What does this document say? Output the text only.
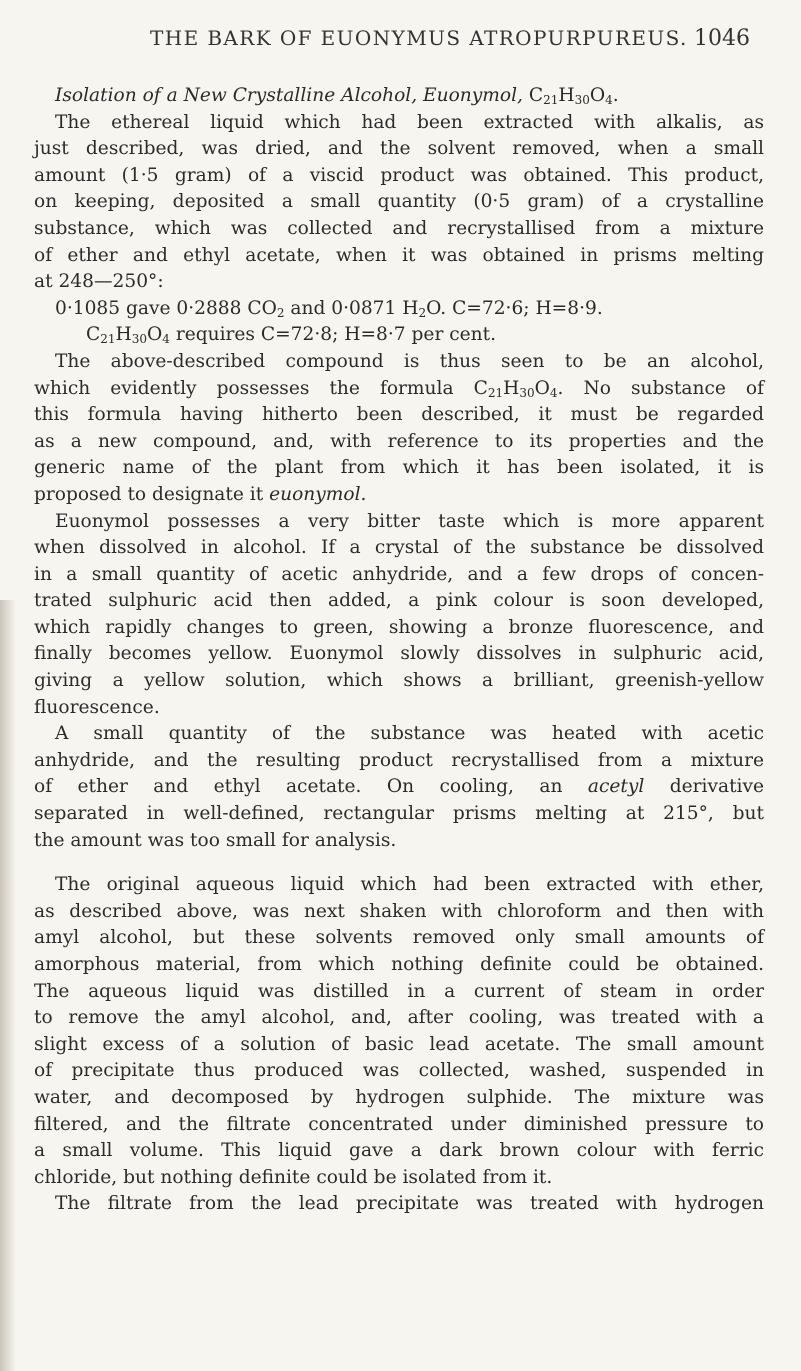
THE BARK OF EUONYMUS ATROPURPUREUS. 1046
Isolation of a New Crystalline Alcohol, Euonymol, $C_{21}H_{30}O_4$.
The ethereal liquid which had been extracted with alkalis, as
just described, was dried, and the solvent removed, when a small
amount (1·5 gram) of a viscid product was obtained. This product,
on keeping, deposited a small quantity (0·5 gram) of a crystalline
substance, which was collected and recrystallised from a mixture
of ether and ethyl acetate, when it was obtained in prisms melting
at 248—250°:
0·1085 gave 0·2888 $CO_2$ and 0·0871 $H_2O$. C=72·6; H=8·9.
$C_{21}H_{30}O_4$ requires C=72·8; H=8·7 per cent.
The above-described compound is thus seen to be an alcohol,
which evidently possesses the formula $C_{21}H_{30}O_4$. No substance of
this formula having hitherto been described, it must be regarded
as a new compound, and, with reference to its properties and the
generic name of the plant from which it has been isolated, it is
proposed to designate it euonymol.
Euonymol possesses a very bitter taste which is more apparent
when dissolved in alcohol. If a crystal of the substance be dissolved
in a small quantity of acetic anhydride, and a few drops of concen-
trated sulphuric acid then added, a pink colour is soon developed,
which rapidly changes to green, showing a bronze fluorescence, and
finally becomes yellow. Euonymol slowly dissolves in sulphuric acid,
giving a yellow solution, which shows a brilliant, greenish-yellow
fluorescence.
A small quantity of the substance was heated with acetic
anhydride, and the resulting product recrystallised from a mixture
of ether and ethyl acetate. On cooling, an acetyl derivative
separated in well-defined, rectangular prisms melting at 215°, but
the amount was too small for analysis.
The original aqueous liquid which had been extracted with ether,
as described above, was next shaken with chloroform and then with
amyl alcohol, but these solvents removed only small amounts of
amorphous material, from which nothing definite could be obtained.
The aqueous liquid was distilled in a current of steam in order
to remove the amyl alcohol, and, after cooling, was treated with a
slight excess of a solution of basic lead acetate. The small amount
of precipitate thus produced was collected, washed, suspended in
water, and decomposed by hydrogen sulphide. The mixture was
filtered, and the filtrate concentrated under diminished pressure to
a small volume. This liquid gave a dark brown colour with ferric
chloride, but nothing definite could be isolated from it.
The filtrate from the lead precipitate was treated with hydrogen
